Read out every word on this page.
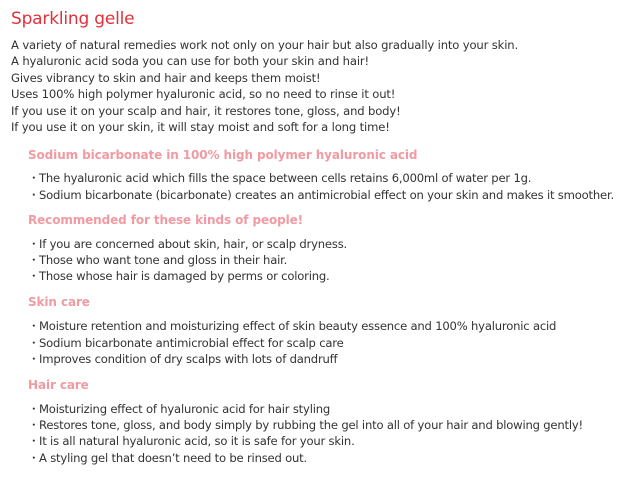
Sparkling gelle
A variety of natural remedies work not only on your hair but also gradually into your skin.
A hyaluronic acid soda you can use for both your skin and hair!
Gives vibrancy to skin and hair and keeps them moist!
Uses 100% high polymer hyaluronic acid, so no need to rinse it out!
If you use it on your scalp and hair, it restores tone, gloss, and body!
If you use it on your skin, it will stay moist and soft for a long time!
Sodium bicarbonate in 100% high polymer hyaluronic acid
・The hyaluronic acid which fills the space between cells retains 6,000ml of water per 1g.
・Sodium bicarbonate (bicarbonate) creates an antimicrobial effect on your skin and makes it smoother.
Recommended for these kinds of people!
・If you are concerned about skin, hair, or scalp dryness.
・Those who want tone and gloss in their hair.
・Those whose hair is damaged by perms or coloring.
Skin care
・Moisture retention and moisturizing effect of skin beauty essence and 100% hyaluronic acid
・Sodium bicarbonate antimicrobial effect for scalp care
・Improves condition of dry scalps with lots of dandruff
Hair care
・Moisturizing effect of hyaluronic acid for hair styling
・Restores tone, gloss, and body simply by rubbing the gel into all of your hair and blowing gently!
・It is all natural hyaluronic acid, so it is safe for your skin.
・A styling gel that doesn’t need to be rinsed out.
